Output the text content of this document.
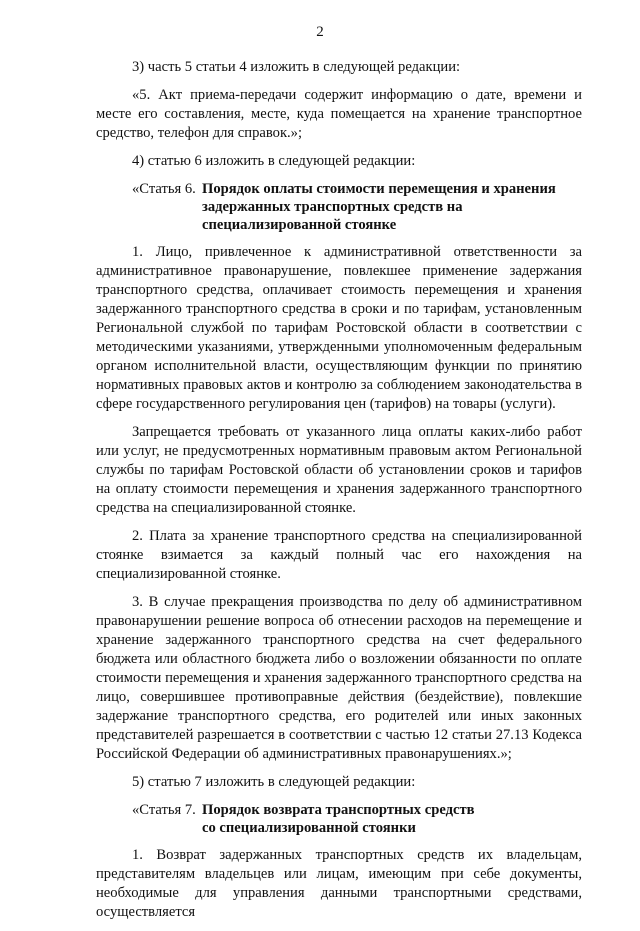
2

3) часть 5 статьи 4 изложить в следующей редакции:

«5. Акт приема-передачи содержит информацию о дате, времени и месте его составления, месте, куда помещается на хранение транспортное средство, телефон для справок.»;

4) статью 6 изложить в следующей редакции:

«Статья 6. Порядок оплаты стоимости перемещения и хранения
задержанных транспортных средств на
специализированной стоянке

1. Лицо, привлеченное к административной ответственности за административное правонарушение, повлекшее применение задержания транспортного средства, оплачивает стоимость перемещения и хранения задержанного транспортного средства в сроки и по тарифам, установленным Региональной службой по тарифам Ростовской области в соответствии с методическими указаниями, утвержденными уполномоченным федеральным органом исполнительной власти, осуществляющим функции по принятию нормативных правовых актов и контролю за соблюдением законодательства в сфере государственного регулирования цен (тарифов) на товары (услуги).

Запрещается требовать от указанного лица оплаты каких-либо работ или услуг, не предусмотренных нормативным правовым актом Региональной службы по тарифам Ростовской области об установлении сроков и тарифов на оплату стоимости перемещения и хранения задержанного транспортного средства на специализированной стоянке.

2. Плата за хранение транспортного средства на специализированной стоянке взимается за каждый полный час его нахождения на специализированной стоянке.

3. В случае прекращения производства по делу об административном правонарушении решение вопроса об отнесении расходов на перемещение и хранение задержанного транспортного средства на счет федерального бюджета или областного бюджета либо о возложении обязанности по оплате стоимости перемещения и хранения задержанного транспортного средства на лицо, совершившее противоправные действия (бездействие), повлекшие задержание транспортного средства, его родителей или иных законных представителей разрешается в соответствии с частью 12 статьи 27.13 Кодекса Российской Федерации об административных правонарушениях.»;

5) статью 7 изложить в следующей редакции:

«Статья 7. Порядок возврата транспортных средств
со специализированной стоянки

1. Возврат задержанных транспортных средств их владельцам, представителям владельцев или лицам, имеющим при себе документы, необходимые для управления данными транспортными средствами, осуществляется
